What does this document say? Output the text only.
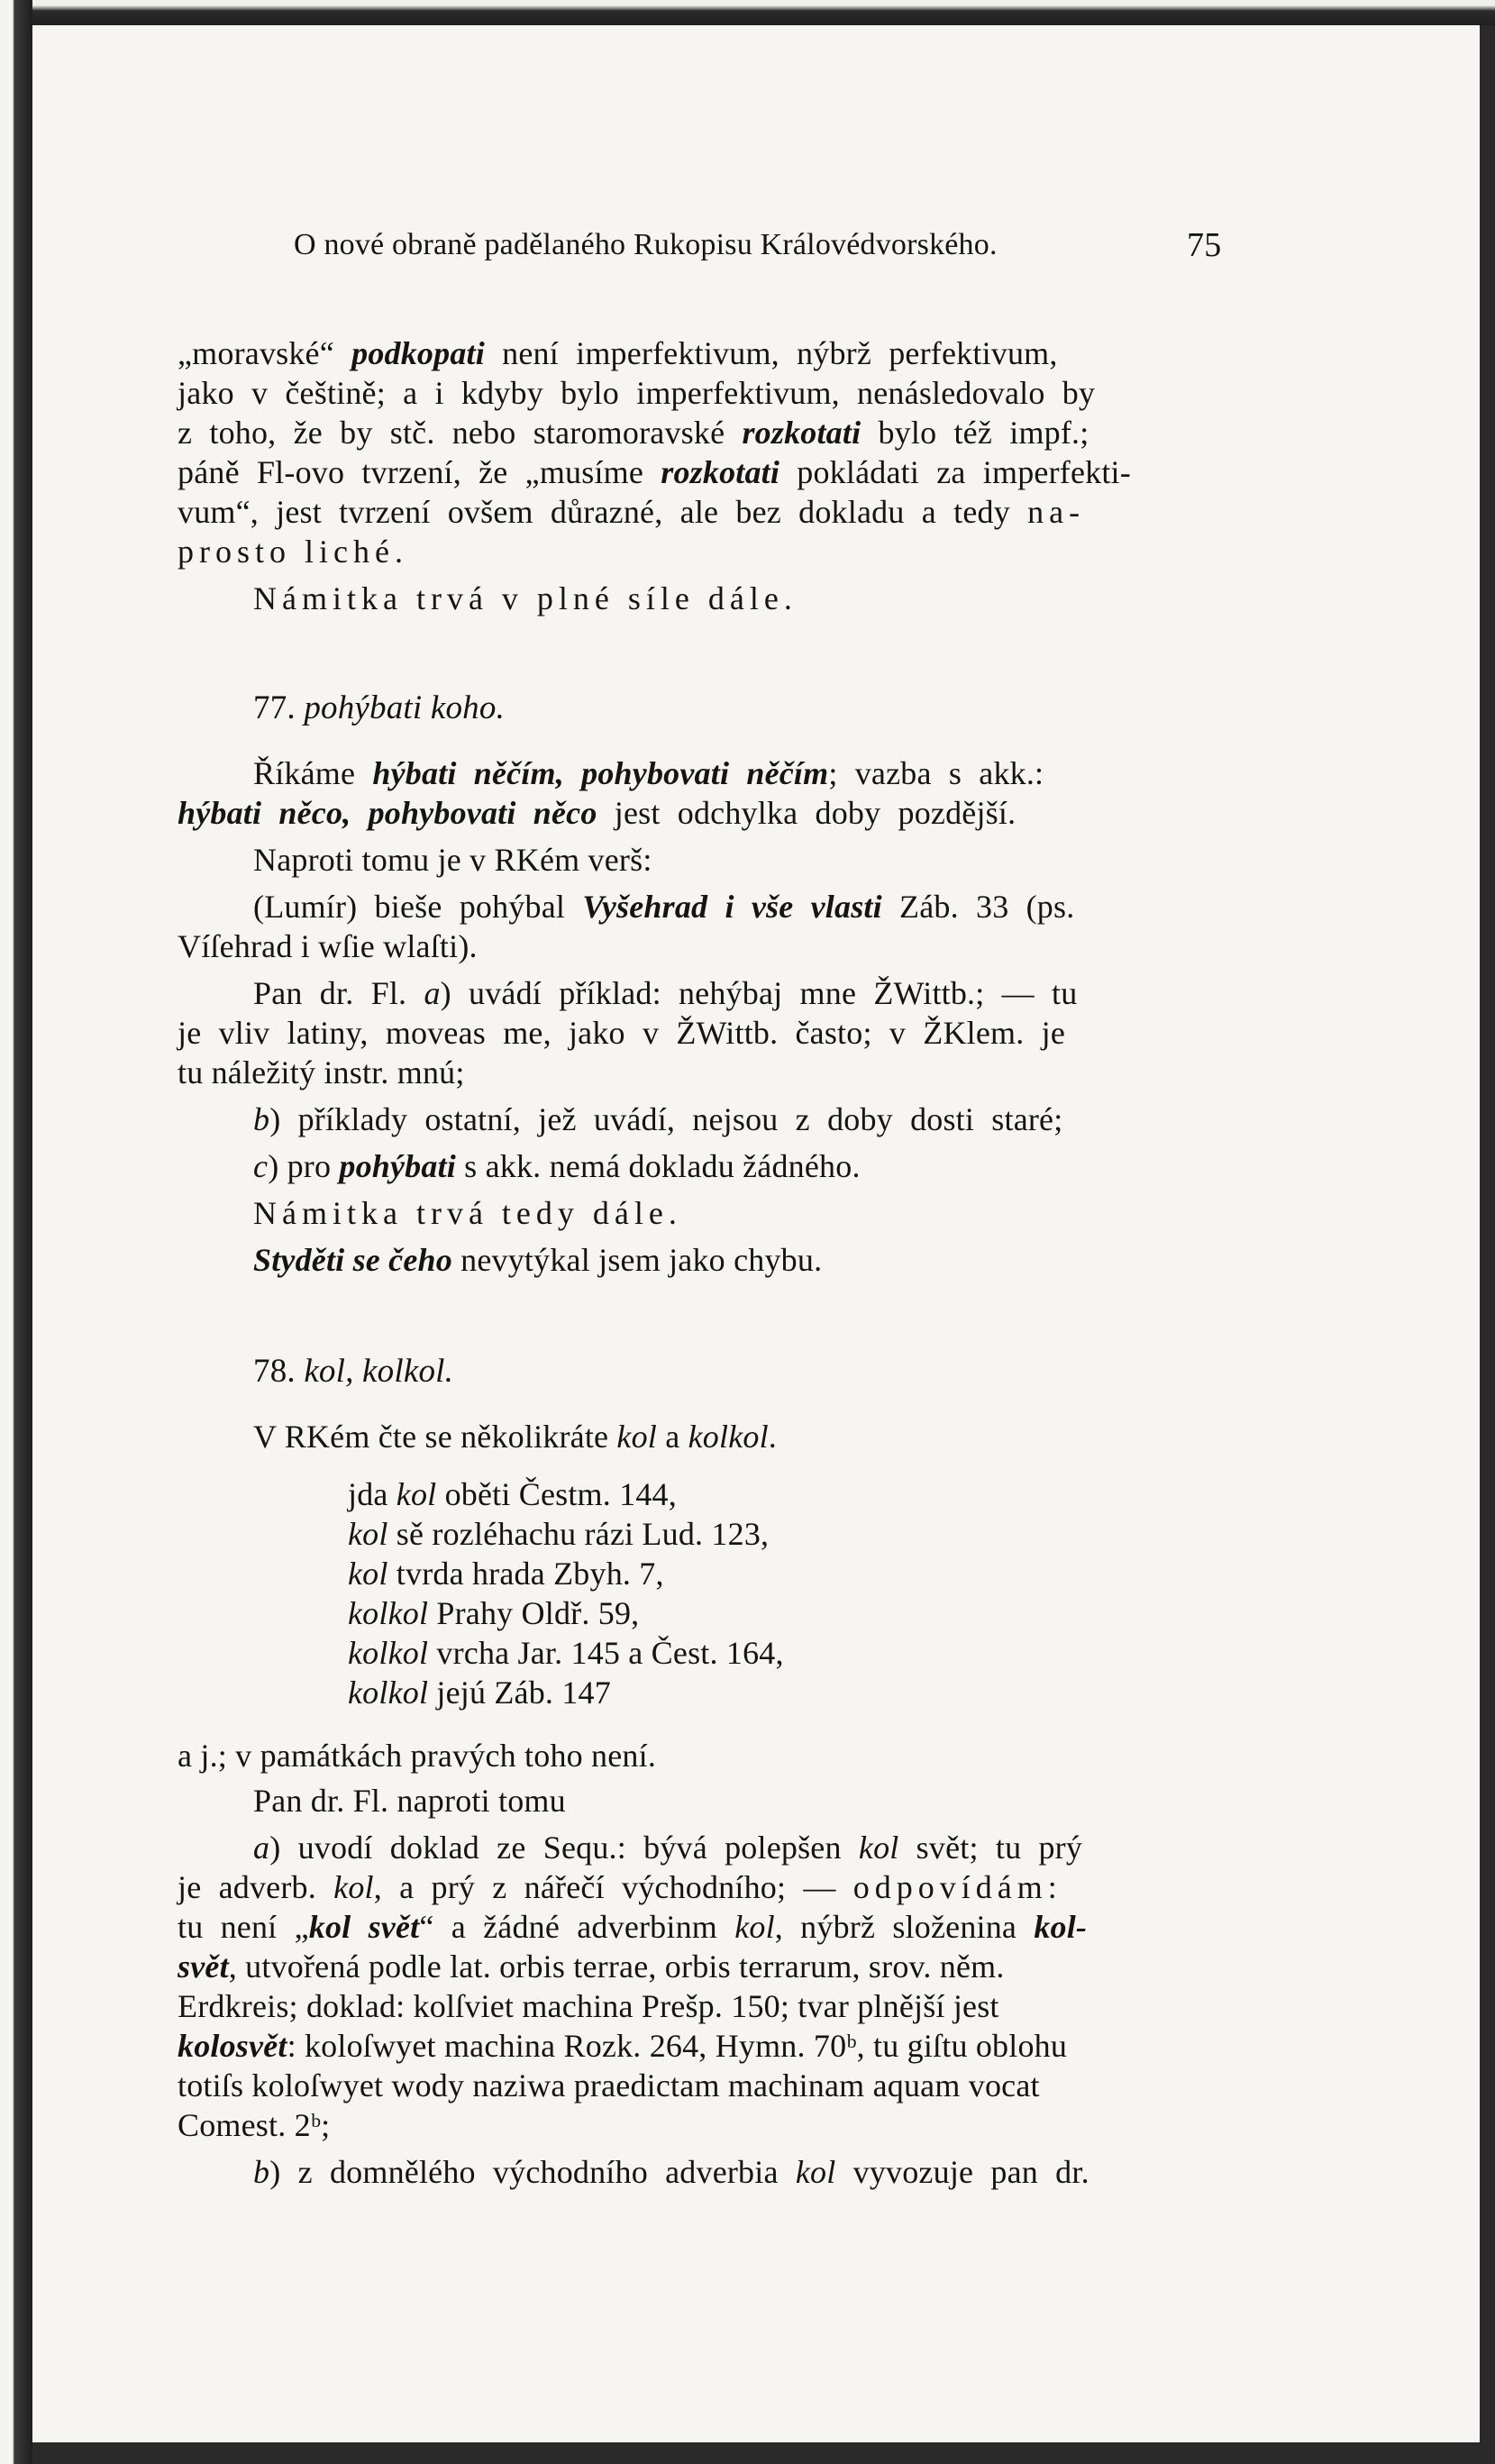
O nové obraně padělaného Rukopisu Královédvorského.	75
„moravské“ podkopati není imperfektivum, nýbrž perfektivum,
jako v češtině; a i kdyby bylo imperfektivum, nenásledovalo by
z toho, že by stč. nebo staromoravské rozkotati bylo též impf.;
páně Fl-ovo tvrzení, že „musíme rozkotati pokládati za imperfekti-
vum“, jest tvrzení ovšem důrazné, ale bez dokladu a tedy na-
prosto liché.
Námitka trvá v plné síle dále.
77. pohýbati koho.
Říkáme hýbati něčím, pohybovati něčím; vazba s akk.:
hýbati něco, pohybovati něco jest odchylka doby pozdější.
Naproti tomu je v RKém verš:
(Lumír) bieše pohýbal Vyšehrad i vše vlasti Záb. 33 (ps.
Víſehrad i wſie wlaſti).
Pan dr. Fl. a) uvádí příklad: nehýbaj mne ŽWittb.; — tu
je vliv latiny, moveas me, jako v ŽWittb. často; v ŽKlem. je
tu náležitý instr. mnú;
b) příklady ostatní, jež uvádí, nejsou z doby dosti staré;
c) pro pohýbati s akk. nemá dokladu žádného.
Námitka trvá tedy dále.
Styděti se čeho nevytýkal jsem jako chybu.
78. kol, kolkol.
V RKém čte se několikráte kol a kolkol.
jda kol oběti Čestm. 144,
kol sě rozléhachu rázi Lud. 123,
kol tvrda hrada Zbyh. 7,
kolkol Prahy Oldř. 59,
kolkol vrcha Jar. 145 a Čest. 164,
kolkol jejú Záb. 147
a j.; v památkách pravých toho není.
Pan dr. Fl. naproti tomu
a) uvodí doklad ze Sequ.: bývá polepšen kol svět; tu prý
je adverb. kol, a prý z nářečí východního; — odpovídám:
tu není „kol svět“ a žádné adverbinm kol, nýbrž složenina kol-
svět, utvořená podle lat. orbis terrae, orbis terrarum, srov. něm.
Erdkreis; doklad: kolſviet machina Prešp. 150; tvar plnější jest
kolosvět: koloſwyet machina Rozk. 264, Hymn. 70ᵇ, tu giſtu oblohu
totiſs koloſwyet wody naziwa praedictam machinam aquam vocat
Comest. 2ᵇ;
b) z domnělého východního adverbia kol vyvozuje pan dr.
